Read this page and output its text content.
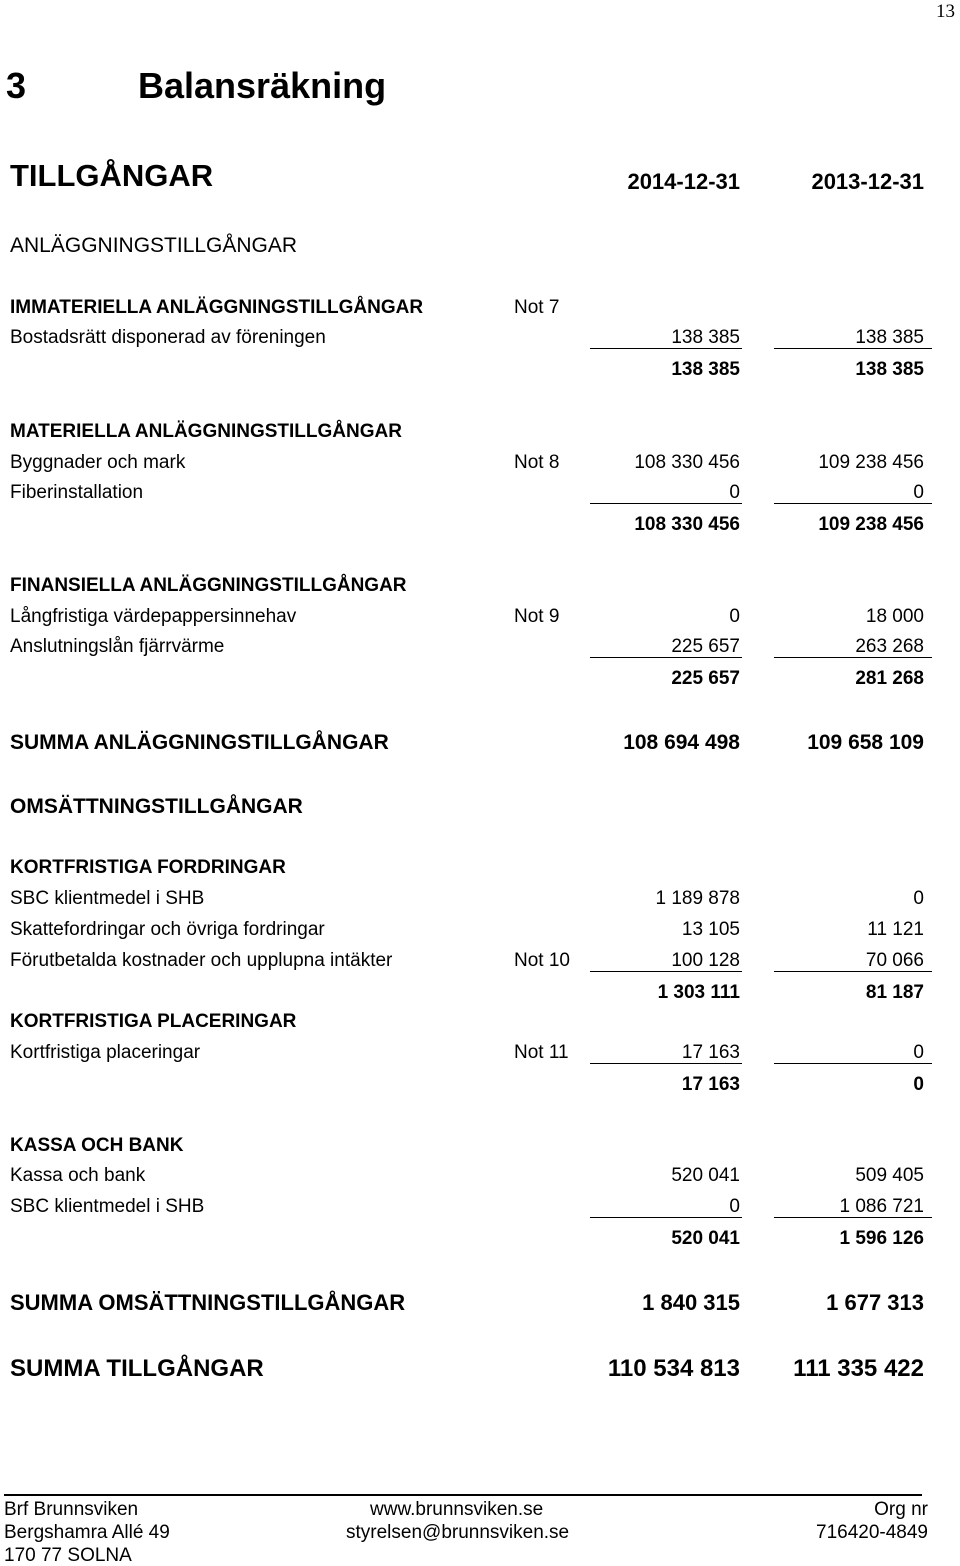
13
3	Balansräkning
TILLGÅNGAR	2014-12-31	2013-12-31
ANLÄGGNINGSTILLGÅNGAR
IMMATERIELLA ANLÄGGNINGSTILLGÅNGAR	Not 7
Bostadsrätt disponerad av föreningen	138 385	138 385
138 385	138 385
MATERIELLA ANLÄGGNINGSTILLGÅNGAR
Byggnader och mark	Not 8	108 330 456	109 238 456
Fiberinstallation	0	0
108 330 456	109 238 456
FINANSIELLA ANLÄGGNINGSTILLGÅNGAR
Långfristiga värdepappersinnehav	Not 9	0	18 000
Anslutningslån fjärrvärme	225 657	263 268
225 657	281 268
SUMMA ANLÄGGNINGSTILLGÅNGAR	108 694 498	109 658 109
OMSÄTTNINGSTILLGÅNGAR
KORTFRISTIGA FORDRINGAR
SBC klientmedel i SHB	1 189 878	0
Skattefordringar och övriga fordringar	13 105	11 121
Förutbetalda kostnader och upplupna intäkter	Not 10	100 128	70 066
1 303 111	81 187
KORTFRISTIGA PLACERINGAR
Kortfristiga placeringar	Not 11	17 163	0
17 163	0
KASSA OCH BANK
Kassa och bank	520 041	509 405
SBC klientmedel i SHB	0	1 086 721
520 041	1 596 126
SUMMA OMSÄTTNINGSTILLGÅNGAR	1 840 315	1 677 313
SUMMA TILLGÅNGAR	110 534 813	111 335 422
Brf Brunnsviken
Bergshamra Allé 49
170 77 SOLNA
www.brunnsviken.se
styrelsen@brunnsviken.se
Org nr
716420-4849
